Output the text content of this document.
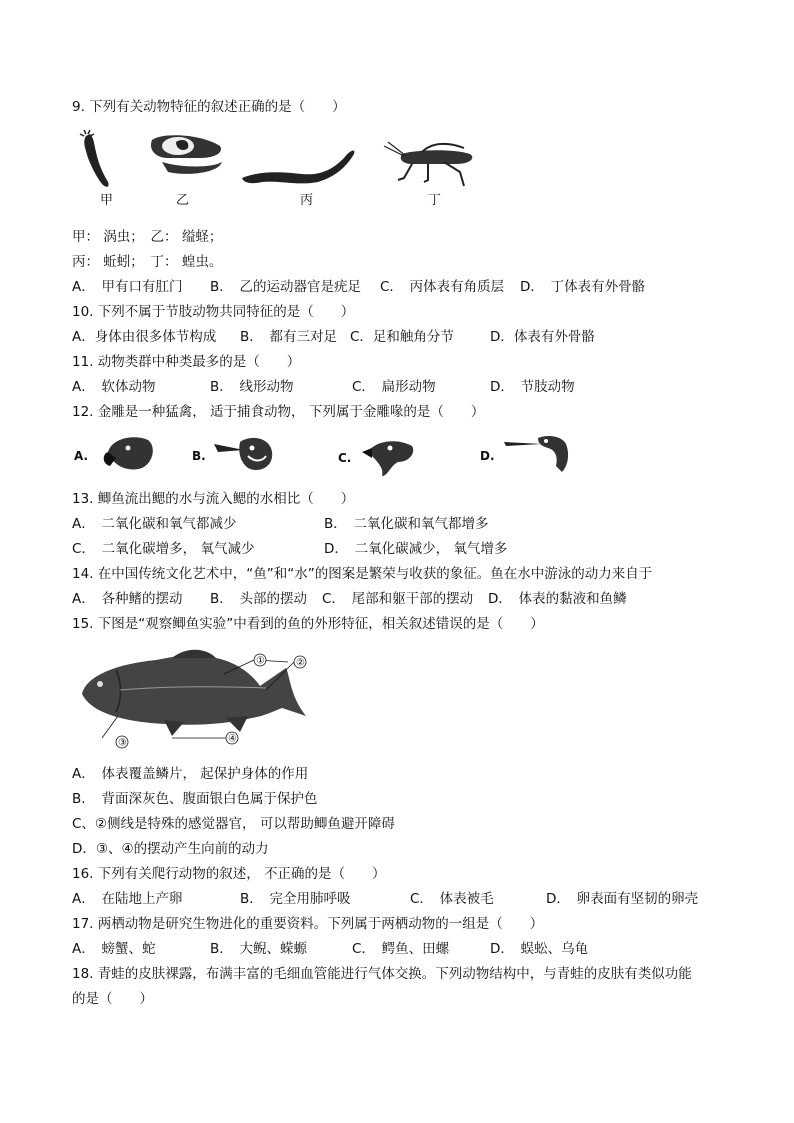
9. 下列有关动物特征的叙述正确的是（　　）
甲	乙	丙	丁
甲： 涡虫；　乙： 缢蛏；
丙： 蚯蚓；　丁： 蝗虫。
A．　甲有口有肛门 B．　乙的运动器官是疣足 C．　丙体表有角质层 D．　丁体表有外骨骼
10. 下列不属于节肢动物共同特征的是（　　）
A．身体由很多体节构成 B．　都有三对足 C．足和触角分节	D．体表有外骨骼
11. 动物类群中种类最多的是（　　）
A．　软体动物	B．　线形动物	C．　扁形动物	D．　节肢动物
12. 金雕是一种猛禽， 适于捕食动物， 下列属于金雕喙的是（　　）
A.	B.	C.	D.
13. 鲫鱼流出鳃的水与流入鳃的水相比（　　）
A．　二氧化碳和氧气都减少	B．　二氧化碳和氧气都增多
C．　二氧化碳增多， 氧气减少	D．　二氧化碳减少， 氧气增多
14. 在中国传统文化艺术中，“鱼”和“水”的图案是繁荣与收获的象征。鱼在水中游泳的动力来自于
A．　各种鳍的摆动 B．　头部的摆动 C．　尾部和躯干部的摆动 D．　体表的黏液和鱼鳞
15. 下图是“观察鲫鱼实验”中看到的鱼的外形特征，相关叙述错误的是（　　）
①	②
③	④
A．　体表覆盖鳞片， 起保护身体的作用
B．　背面深灰色、腹面银白色属于保护色
C、②侧线是特殊的感觉器官， 可以帮助鲫鱼避开障碍
D．③、④的摆动产生向前的动力
16. 下列有关爬行动物的叙述， 不正确的是（　　）
A．　在陆地上产卵	B．　完全用肺呼吸	C．　体表被毛	D．　卵表面有坚韧的卵壳
17. 两栖动物是研究生物进化的重要资料。下列属于两栖动物的一组是（　　）
A．　螃蟹、蛇	B．　大鲵、蝾螈	C．　鳄鱼、田螺	D．　蜈蚣、乌龟
18. 青蛙的皮肤裸露，布满丰富的毛细血管能进行气体交换。下列动物结构中，与青蛙的皮肤有类似功能
的是（　　）
